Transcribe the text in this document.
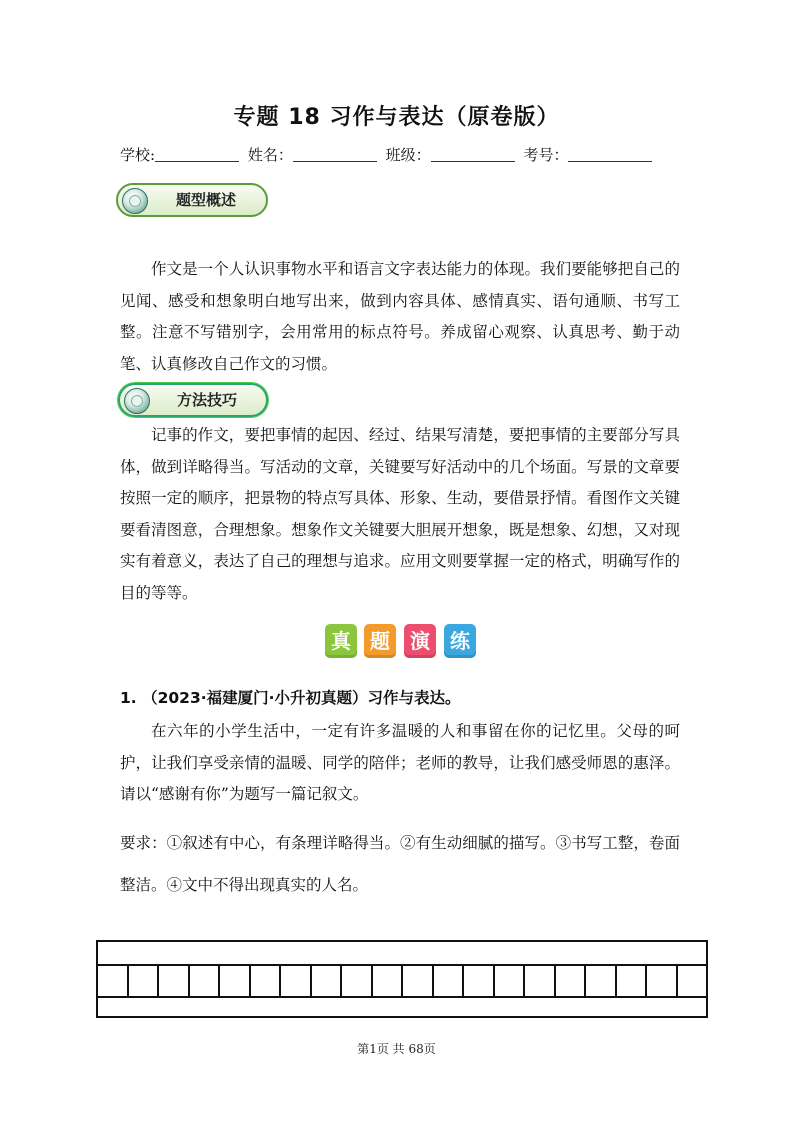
专题 18 习作与表达（原卷版）
学校:	姓名：	班级：	考号：
题型概述

作文是一个人认识事物水平和语言文字表达能力的体现。我们要能够把自己的见闻、感受和想象明白地写出来，做到内容具体、感情真实、语句通顺、书写工整。注意不写错别字，会用常用的标点符号。养成留心观察、认真思考、勤于动笔、认真修改自己作文的习惯。

方法技巧

记事的作文，要把事情的起因、经过、结果写清楚，要把事情的主要部分写具体，做到详略得当。写活动的文章，关键要写好活动中的几个场面。写景的文章要按照一定的顺序，把景物的特点写具体、形象、生动，要借景抒情。看图作文关键要看清图意，合理想象。想象作文关键要大胆展开想象，既是想象、幻想，又对现实有着意义，表达了自己的理想与追求。应用文则要掌握一定的格式，明确写作的目的等等。

真 题	演	练
1. （2023·福建厦门·小升初真题）习作与表达。

在六年的小学生活中，一定有许多温暖的人和事留在你的记忆里。父母的呵护，让我们享受亲情的温暖、同学的陪伴；老师的教导，让我们感受师恩的惠泽。请以“感谢有你”为题写一篇记叙文。

要求：①叙述有中心，有条理详略得当。②有生动细腻的描写。③书写工整，卷面整洁。④文中不得出现真实的人名。

第1页 共 68页
